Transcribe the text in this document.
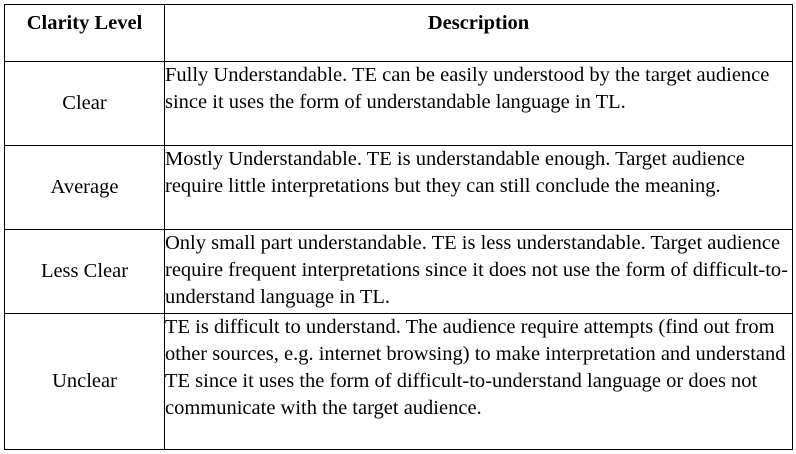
Clarity Level	Description

Clear	Fully Understandable. TE can be easily understood by the target audience since it uses the form of understandable language in TL.
Average	Mostly Understandable. TE is understandable enough. Target audience require little interpretations but they can still conclude the meaning.
Less Clear	Only small part understandable. TE is less understandable. Target audience require frequent interpretations since it does not use the form of difficult-to-understand language in TL.
Unclear	TE is difficult to understand. The audience require attempts (find out from other sources, e.g. internet browsing) to make interpretation and understand TE since it uses the form of difficult-to-understand language or does not communicate with the target audience.
